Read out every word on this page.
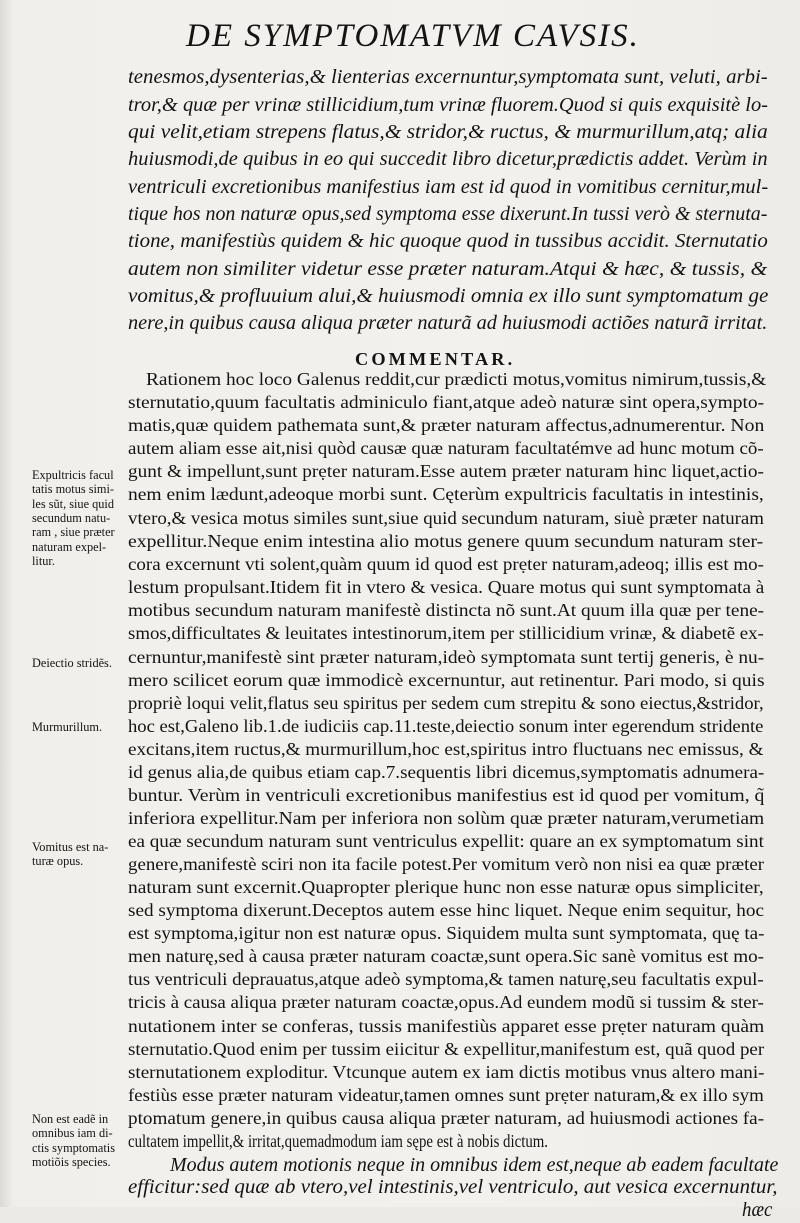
DE SYMPTOMATVM CAVSIS.
tenesmos,dysenterias,& lienterias excernuntur,symptomata sunt, veluti, arbi-
tror,& quæ per vrinæ stillicidium,tum vrinæ fluorem.Quod si quis exquisitè lo-
qui velit,etiam strepens flatus,& stridor,& ructus, & murmurillum,atq; alia
huiusmodi,de quibus in eo qui succedit libro dicetur,prædictis addet. Verùm in
ventriculi excretionibus manifestius iam est id quod in vomitibus cernitur,mul-
tique hos non naturæ opus,sed symptoma esse dixerunt.In tussi verò & sternuta-
tione, manifestiùs quidem & hic quoque quod in tussibus accidit. Sternutatio
autem non similiter videtur esse præter naturam.Atqui & hæc, & tussis, &
vomitus,& profluuium alui,& huiusmodi omnia ex illo sunt symptomatum ge
nere,in quibus causa aliqua præter naturã ad huiusmodi actiões naturã irritat.
COMMENTAR.
Rationem hoc loco Galenus reddit,cur prædicti motus,vomitus nimirum,tussis,&
sternutatio,quum facultatis adminiculo fiant,atque adeò naturæ sint opera,sympto-
matis,quæ quidem pathemata sunt,& præter naturam affectus,adnumerentur. Non
autem aliam esse ait,nisi quòd causæ quæ naturam facultatémve ad hunc motum cõ-
gunt & impellunt,sunt prẹter naturam.Esse autem præter naturam hinc liquet,actio-
nem enim lædunt,adeoque morbi sunt. Cęterùm expultricis facultatis in intestinis,
vtero,& vesica motus similes sunt,siue quid secundum naturam, siuè præter naturam
expellitur.Neque enim intestina alio motus genere quum secundum naturam ster-
cora excernunt vti solent,quàm quum id quod est prẹter naturam,adeoq; illis est mo-
lestum propulsant.Itidem fit in vtero & vesica. Quare motus qui sunt symptomata à
motibus secundum naturam manifestè distincta nõ sunt.At quum illa quæ per tene-
smos,difficultates & leuitates intestinorum,item per stillicidium vrinæ, & diabetẽ ex-
cernuntur,manifestè sint præter naturam,ideò symptomata sunt tertij generis, è nu-
mero scilicet eorum quæ immodicè excernuntur, aut retinentur. Pari modo, si quis
propriè loqui velit,flatus seu spiritus per sedem cum strepitu & sono eiectus,&stridor,
hoc est,Galeno lib.1.de iudiciis cap.11.teste,deiectio sonum inter egerendum stridente
excitans,item ructus,& murmurillum,hoc est,spiritus intro fluctuans nec emissus, &
id genus alia,de quibus etiam cap.7.sequentis libri dicemus,symptomatis adnumera-
buntur. Verùm in ventriculi excretionibus manifestius est id quod per vomitum, q̃
inferiora expellitur.Nam per inferiora non solùm quæ præter naturam,verumetiam
ea quæ secundum naturam sunt ventriculus expellit: quare an ex symptomatum sint
genere,manifestè sciri non ita facile potest.Per vomitum verò non nisi ea quæ præter
naturam sunt excernit.Quapropter plerique hunc non esse naturæ opus simpliciter,
sed symptoma dixerunt.Deceptos autem esse hinc liquet. Neque enim sequitur, hoc
est symptoma,igitur non est naturæ opus. Siquidem multa sunt symptomata, quę ta-
men naturę,sed à causa præter naturam coactæ,sunt opera.Sic sanè vomitus est mo-
tus ventriculi deprauatus,atque adeò symptoma,& tamen naturę,seu facultatis expul-
tricis à causa aliqua præter naturam coactæ,opus.Ad eundem modũ si tussim & ster-
nutationem inter se conferas, tussis manifestiùs apparet esse prẹter naturam quàm
sternutatio.Quod enim per tussim eiicitur & expellitur,manifestum est, quã quod per
sternutationem exploditur. Vtcunque autem ex iam dictis motibus vnus altero mani-
festiùs esse præter naturam videatur,tamen omnes sunt prẹter naturam,& ex illo sym
ptomatum genere,in quibus causa aliqua præter naturam, ad huiusmodi actiones fa-
cultatem impellit,& irritat,quemadmodum iam sępe est à nobis dictum.
Modus autem motionis neque in omnibus idem est,neque ab eadem facultate
efficitur:sed quæ ab vtero,vel intestinis,vel ventriculo, aut vesica excernuntur,
hæc
Expultricis facul
tatis motus simi-
les sũt, siue quid
secundum natu-
ram , siue præter
naturam expel-
litur.
Deiectio stridẽs.
Murmurillum.
Vomitus est na-
turæ opus.
Non est eadẽ in
omnibus iam di-
ctis symptomatis
motiõis species.
